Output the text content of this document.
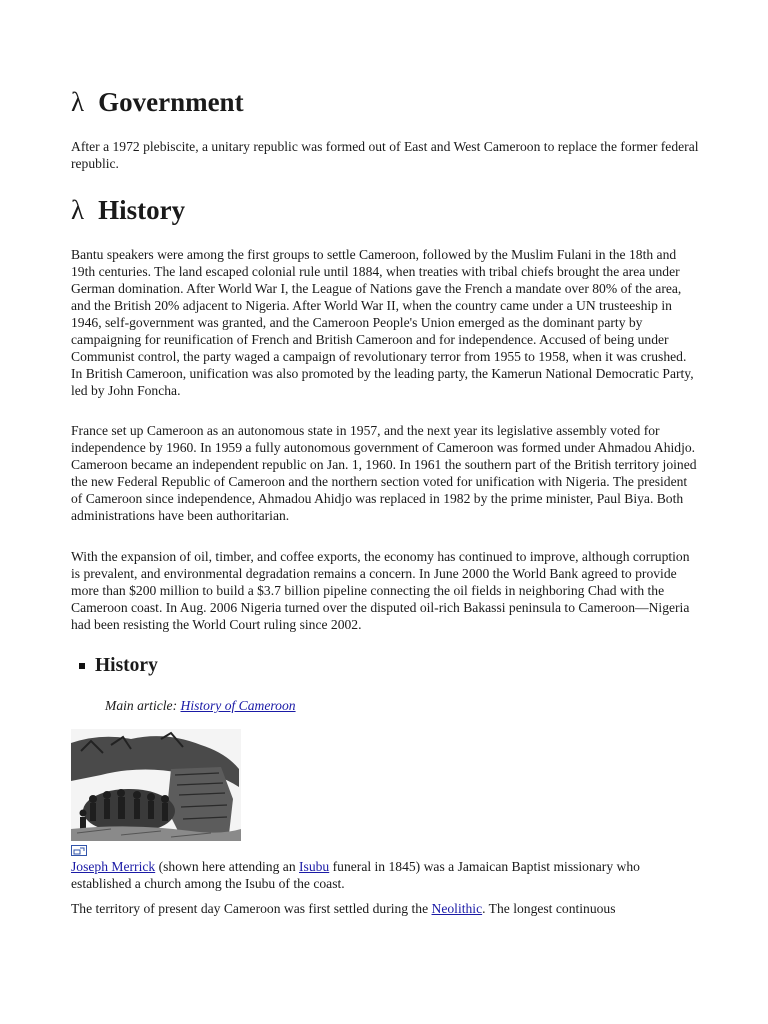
λ Government

After a 1972 plebiscite, a unitary republic was formed out of East and West Cameroon to replace the former federal republic.

λ History

Bantu speakers were among the first groups to settle Cameroon, followed by the Muslim Fulani in the 18th and 19th centuries. The land escaped colonial rule until 1884, when treaties with tribal chiefs brought the area under German domination. After World War I, the League of Nations gave the French a mandate over 80% of the area, and the British 20% adjacent to Nigeria. After World War II, when the country came under a UN trusteeship in 1946, self-government was granted, and the Cameroon People's Union emerged as the dominant party by campaigning for reunification of French and British Cameroon and for independence. Accused of being under Communist control, the party waged a campaign of revolutionary terror from 1955 to 1958, when it was crushed. In British Cameroon, unification was also promoted by the leading party, the Kamerun National Democratic Party, led by John Foncha.

France set up Cameroon as an autonomous state in 1957, and the next year its legislative assembly voted for independence by 1960. In 1959 a fully autonomous government of Cameroon was formed under Ahmadou Ahidjo. Cameroon became an independent republic on Jan. 1, 1960. In 1961 the southern part of the British territory joined the new Federal Republic of Cameroon and the northern section voted for unification with Nigeria. The president of Cameroon since independence, Ahmadou Ahidjo was replaced in 1982 by the prime minister, Paul Biya. Both administrations have been authoritarian.

With the expansion of oil, timber, and coffee exports, the economy has continued to improve, although corruption is prevalent, and environmental degradation remains a concern. In June 2000 the World Bank agreed to provide more than $200 million to build a $3.7 billion pipeline connecting the oil fields in neighboring Chad with the Cameroon coast. In Aug. 2006 Nigeria turned over the disputed oil-rich Bakassi peninsula to Cameroon—Nigeria had been resisting the World Court ruling since 2002.

History
Main article: History of Cameroon

Joseph Merrick (shown here attending an Isubu funeral in 1845) was a Jamaican Baptist missionary who established a church among the Isubu of the coast.

The territory of present day Cameroon was first settled during the Neolithic. The longest continuous
